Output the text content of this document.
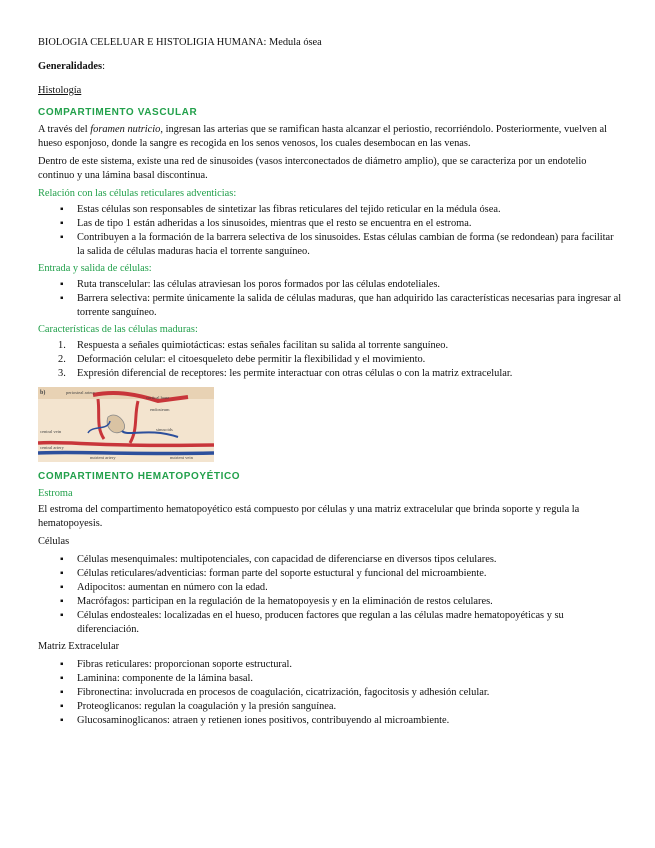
BIOLOGIA CELELUAR E HISTOLIGIA HUMANA: Medula ósea

Generalidades:

Histología

COMPARTIMENTO VASCULAR

A través del foramen nutricio, ingresan las arterias que se ramifican hasta alcanzar el periostio, recorriéndolo. Posteriormente, vuelven al hueso esponjoso, donde la sangre es recogida en los senos venosos, los cuales desembocan en las venas.

Dentro de este sistema, existe una red de sinusoides (vasos interconectados de diámetro amplio), que se caracteriza por un endotelio continuo y una lámina basal discontinua.

Relación con las células reticulares adventicias:

▪ Estas células son responsables de sintetizar las fibras reticulares del tejido reticular en la médula ósea.
▪ Las de tipo 1 están adheridas a los sinusoides, mientras que el resto se encuentra en el estroma.
▪ Contribuyen a la formación de la barrera selectiva de los sinusoides. Estas células cambian de forma (se redondean) para facilitar la salida de células maduras hacia el torrente sanguíneo.

Entrada y salida de células:

▪ Ruta transcelular: las células atraviesan los poros formados por las células endoteliales.
▪ Barrera selectiva: permite únicamente la salida de células maduras, que han adquirido las características necesarias para ingresar al torrente sanguíneo.

Características de las células maduras:

1. Respuesta a señales quimiotácticas: estas señales facilitan su salida al torrente sanguíneo.
2. Deformación celular: el citoesqueleto debe permitir la flexibilidad y el movimiento.
3. Expresión diferencial de receptores: les permite interactuar con otras células o con la matriz extracelular.
b)	periosteal artery
cortical bone
endosteum
sinusoids
central vein
central artery
nutrient artery	nutrient vein

COMPARTIMENTO HEMATOPOYÉTICO

Estroma

El estroma del compartimento hematopoyético está compuesto por células y una matriz extracelular que brinda soporte y regula la hematopoyesis.

Células

▪ Células mesenquimales: multipotenciales, con capacidad de diferenciarse en diversos tipos celulares.
▪ Células reticulares/adventicias: forman parte del soporte estuctural y funcional del microambiente.
▪ Adipocitos: aumentan en número con la edad.
▪ Macrófagos: participan en la regulación de la hematopoyesis y en la eliminación de restos celulares.
▪ Células endosteales: localizadas en el hueso, producen factores que regulan a las células madre hematopoyéticas y su diferenciación.

Matriz Extracelular

▪ Fibras reticulares: proporcionan soporte estructural.
▪ Laminina: componente de la lámina basal.
▪ Fibronectina: involucrada en procesos de coagulación, cicatrización, fagocitosis y adhesión celular.
▪ Proteoglicanos: regulan la coagulación y la presión sanguínea.
▪ Glucosaminoglicanos: atraen y retienen iones positivos, contribuyendo al microambiente.
